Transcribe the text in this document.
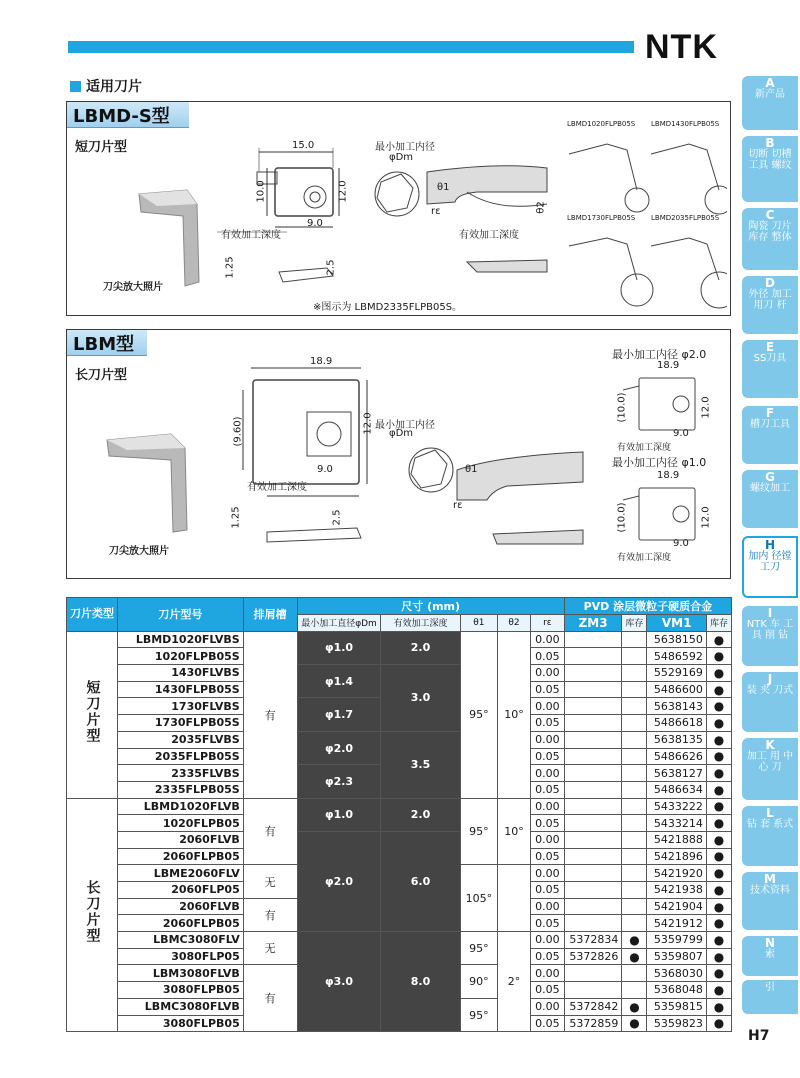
NTK
适用刀片
LBMD-S型
短刀片型
刀尖放大照片
15.0
10.0	12.0
9.0
有效加工深度
1.25	2.5
最小加工内径
φDm
θ1
rε	θ2
有效加工深度
※图示为 LBMD2335FLPB05S。
LBMD1020FLPB05S LBMD1430FLPB05S
LBMD1730FLPB05S LBMD2035FLPB05S
LBM型
长刀片型
刀尖放大照片
18.9
(9.60)	12.0
9.0
有效加工深度
1.25	2.5
最小加工内径
φDm
θ1
rε
最小加工内径 φ2.0
18.9
(10.0)	12.0
9.0
有效加工深度
最小加工内径 φ1.0
18.9
(10.0)	12.0
9.0
有效加工深度
刀片类型	刀片型号	排屑槽	尺寸 (mm)					PVD 涂层微粒子硬质合金			
			最小加工直径φDm	有效加工深度	θ1	θ2	rε	ZM3	库存	VM1	库存
短刀片型	LBMD1020FLVBS	有	φ1.0	2.0	95°	10°	0.00			5638150	●
	1020FLPB05S						0.05			5486592	●
	1430FLVBS		φ1.4	3.0			0.00			5529169	●
	1430FLPB05S						0.05			5486600	●
	1730FLVBS		φ1.7				0.00			5638143	●
	1730FLPB05S						0.05			5486618	●
	2035FLVBS		φ2.0	3.5			0.00			5638135	●
	2035FLPB05S						0.05			5486626	●
	2335FLVBS		φ2.3				0.00			5638127	●
	2335FLPB05S						0.05			5486634	●
长刀片型	LBMD1020FLVB	有	φ1.0	2.0	95°	10°	0.00			5433222	●
	1020FLPB05						0.05			5433214	●
	2060FLVB		φ2.0	6.0			0.00			5421888	●
	2060FLPB05						0.05			5421896	●
	LBME2060FLV	无			105°		0.00			5421920	●
	2060FLP05						0.05			5421938	●
	2060FLVB	有					0.00			5421904	●
	2060FLPB05						0.05			5421912	●
	LBMC3080FLV	无	φ3.0	8.0	95°	2°	0.00	5372834	●	5359799	●
	3080FLP05						0.05	5372826	●	5359807	●
	LBM3080FLVB	有			90°		0.00			5368030	●
	3080FLPB05						0.05			5368048	●
	LBMC3080FLVB				95°		0.00	5372842	●	5359815	●
	3080FLPB05						0.05	5372859	●	5359823	●
A
新产品
B
切断 切槽 工具 螺纹
C
陶瓷 刀片 库存 整体
D
外径 加工 用刀 杆
E
SS刀具
F
槽刀工具
G
螺纹加工
H
加内 径镗 工刀
I
NTK 车 工 具 削 钻
J
装 夹 刀式
K
加工 用 中 心 刀
L
钻 套 系式
M
技术资料
N
索
引
H7
